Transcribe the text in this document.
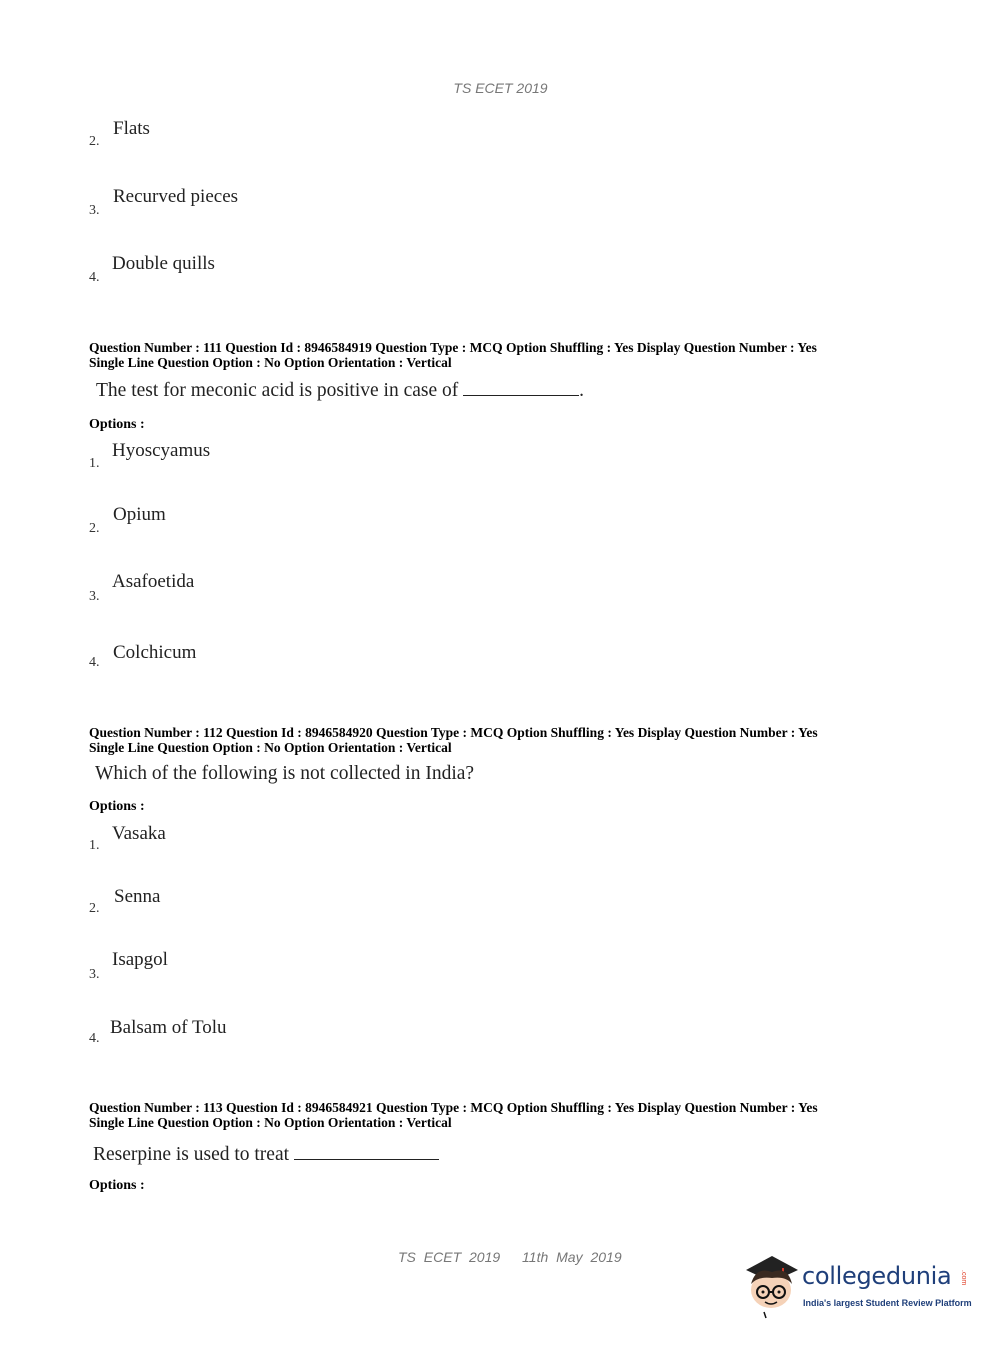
TS ECET 2019
2.
Flats
3.
Recurved pieces
4.
Double quills
Question Number : 111 Question Id : 8946584919 Question Type : MCQ Option Shuffling : Yes Display Question Number : Yes
Single Line Question Option : No Option Orientation : Vertical
The test for meconic acid is positive in case of	.
Options :
1.
Hyoscyamus
2.
Opium
3.
Asafoetida
4. Colchicum
Question Number : 112 Question Id : 8946584920 Question Type : MCQ Option Shuffling : Yes Display Question Number : Yes
Single Line Question Option : No Option Orientation : Vertical
Which of the following is not collected in India?
Options :
1.
Vasaka
2.
Senna
3.
Isapgol
4.
Balsam of Tolu
Question Number : 113 Question Id : 8946584921 Question Type : MCQ Option Shuffling : Yes Display Question Number : Yes
Single Line Question Option : No Option Orientation : Vertical
Reserpine is used to treat
Options :
TS ECET 2019 11th May 2019
collegedunia .com
India's largest Student Review Platform
